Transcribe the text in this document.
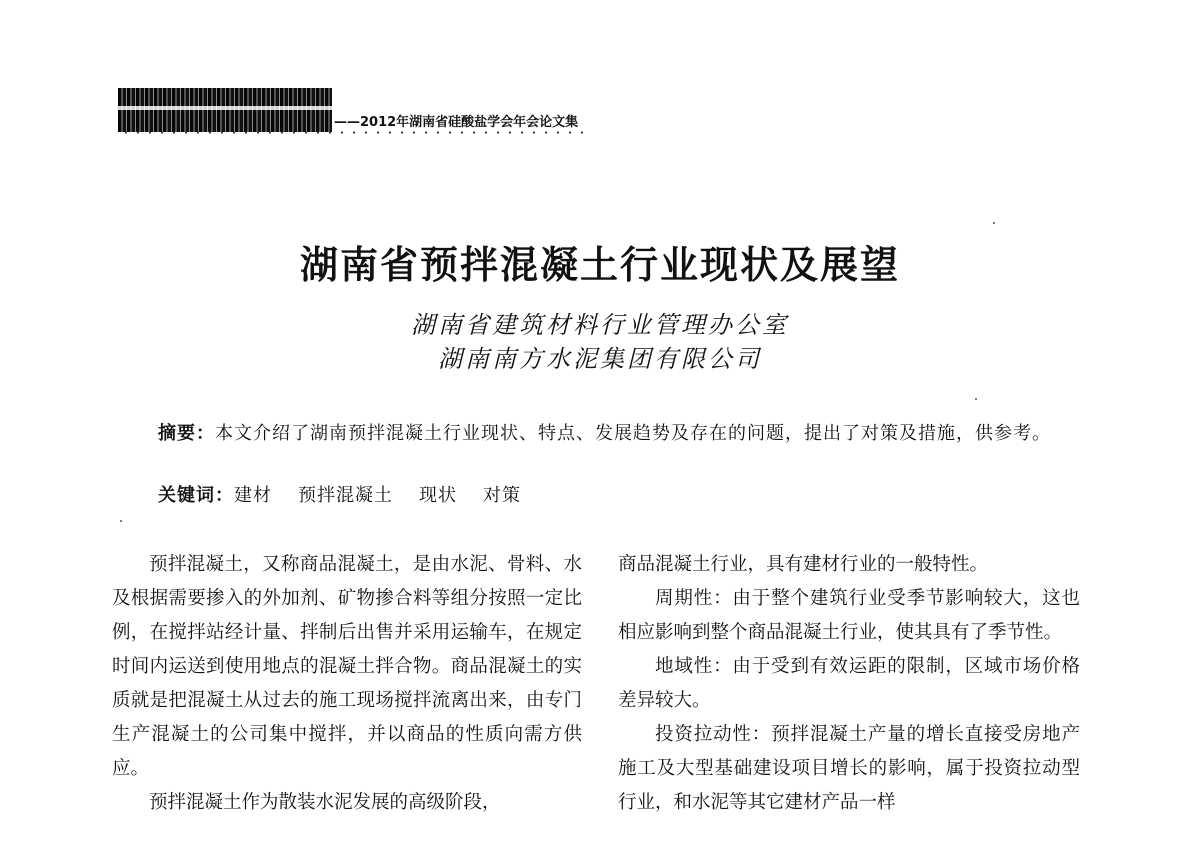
——2012年湖南省硅酸盐学会年会论文集
湖南省预拌混凝土行业现状及展望
湖南省建筑材料行业管理办公室
湖南南方水泥集团有限公司
摘要：本文介绍了湖南预拌混凝土行业现状、特点、发展趋势及存在的问题，提出了对策及措施，供参考。
关键词：建材 预拌混凝土 现状 对策

预拌混凝土，又称商品混凝土，是由水泥、骨料、水及根据需要掺入的外加剂、矿物掺合料等组分按照一定比例，在搅拌站经计量、拌制后出售并采用运输车，在规定时间内运送到使用地点的混凝土拌合物。商品混凝土的实质就是把混凝土从过去的施工现场搅拌流离出来，由专门生产混凝土的公司集中搅拌，并以商品的性质向需方供应。

预拌混凝土作为散装水泥发展的高级阶段，

商品混凝土行业，具有建材行业的一般特性。

周期性：由于整个建筑行业受季节影响较大，这也相应影响到整个商品混凝土行业，使其具有了季节性。

地域性：由于受到有效运距的限制，区域市场价格差异较大。

投资拉动性：预拌混凝土产量的增长直接受房地产施工及大型基础建设项目增长的影响，属于投资拉动型行业，和水泥等其它建材产品一样
